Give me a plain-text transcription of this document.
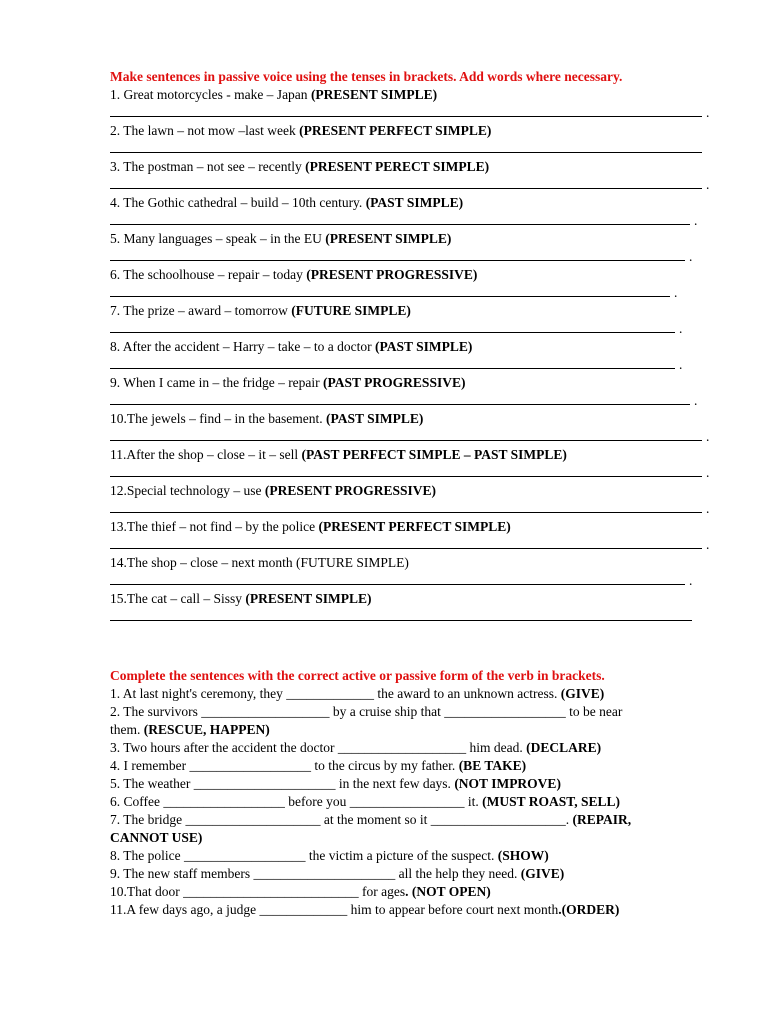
Make sentences in passive voice using the tenses in brackets. Add words where necessary.

1. Great motorcycles - make – Japan (PRESENT SIMPLE)
.
2. The lawn – not mow –last week (PRESENT PERFECT SIMPLE)
3. The postman – not see – recently (PRESENT PERECT SIMPLE)
.
4. The Gothic cathedral – build – 10th century. (PAST SIMPLE)
.
5. Many languages – speak – in the EU (PRESENT SIMPLE)
.
6. The schoolhouse – repair – today (PRESENT PROGRESSIVE)
.
7. The prize – award – tomorrow (FUTURE SIMPLE)
.
8. After the accident – Harry – take – to a doctor (PAST SIMPLE)
.
9. When I came in – the fridge – repair (PAST PROGRESSIVE)
.
10.The jewels – find – in the basement. (PAST SIMPLE)
.
11.After the shop – close – it – sell (PAST PERFECT SIMPLE – PAST SIMPLE)
.
12.Special technology – use (PRESENT PROGRESSIVE)
.
13.The thief – not find – by the police (PRESENT PERFECT SIMPLE)
.
14.The shop – close – next month (FUTURE SIMPLE)
.
15.The cat – call – Sissy (PRESENT SIMPLE)

Complete the sentences with the correct active or passive form of the verb in brackets.

1. At last night's ceremony, they _____________ the award to an unknown actress. (GIVE)
2. The survivors ___________________ by a cruise ship that __________________ to be near
them. (RESCUE, HAPPEN)
3. Two hours after the accident the doctor ___________________ him dead. (DECLARE)
4. I remember __________________ to the circus by my father. (BE TAKE)
5. The weather _____________________ in the next few days. (NOT IMPROVE)
6. Coffee __________________ before you _________________ it. (MUST ROAST, SELL)
7. The bridge ____________________ at the moment so it ____________________. (REPAIR,
CANNOT USE)
8. The police __________________ the victim a picture of the suspect. (SHOW)
9. The new staff members _____________________ all the help they need. (GIVE)
10.That door __________________________ for ages. (NOT OPEN)
11.A few days ago, a judge _____________ him to appear before court next month.(ORDER)
